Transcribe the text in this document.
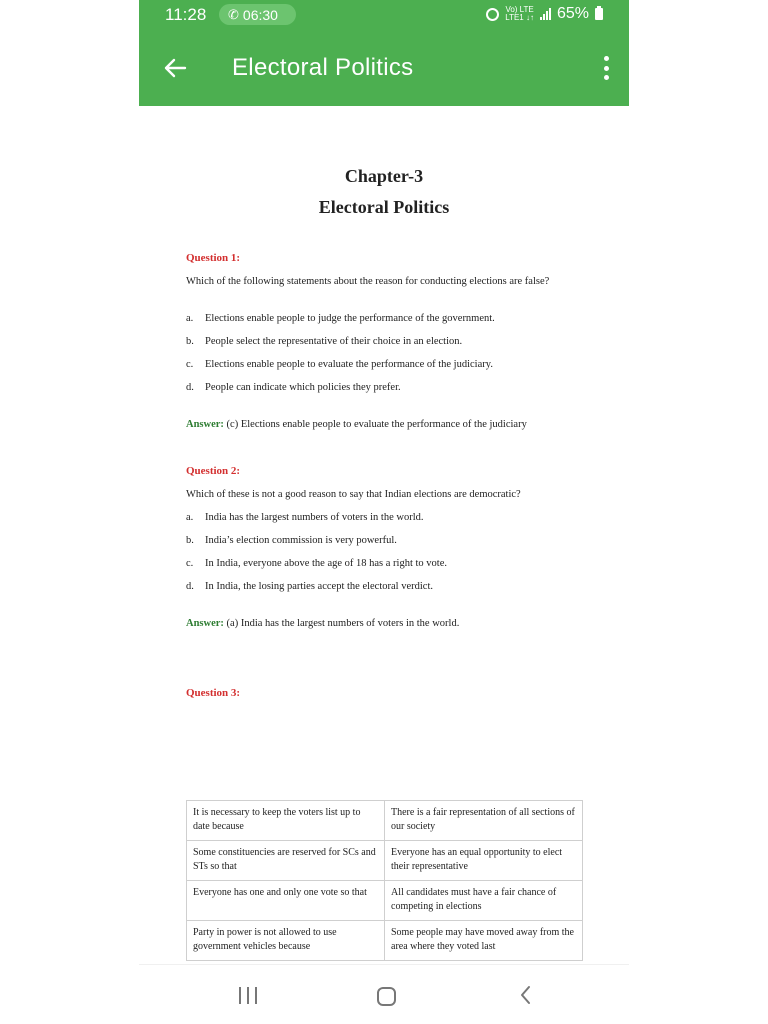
11:28 ✆ 06:30	Vo) LTE
LTE1 ↓↑ 65%
Electoral Politics
Chapter-3
Electoral Politics
Question 1:
Which of the following statements about the reason for conducting elections are false?
a. Elections enable people to judge the performance of the government.
b. People select the representative of their choice in an election.
c. Elections enable people to evaluate the performance of the judiciary.
d. People can indicate which policies they prefer.
Answer: (c) Elections enable people to evaluate the performance of the judiciary
Question 2:
Which of these is not a good reason to say that Indian elections are democratic?
a. India has the largest numbers of voters in the world.
b. India’s election commission is very powerful.
c. In India, everyone above the age of 18 has a right to vote.
d. In India, the losing parties accept the electoral verdict.
Answer: (a) India has the largest numbers of voters in the world.
Question 3:
It is necessary to keep the voters list up to date because	There is a fair representation of all sections of our society
Some constituencies are reserved for SCs and STs so that	Everyone has an equal opportunity to elect their representative
Everyone has one and only one vote so that	All candidates must have a fair chance of competing in elections
Party in power is not allowed to use government vehicles because	Some people may have moved away from the area where they voted last
